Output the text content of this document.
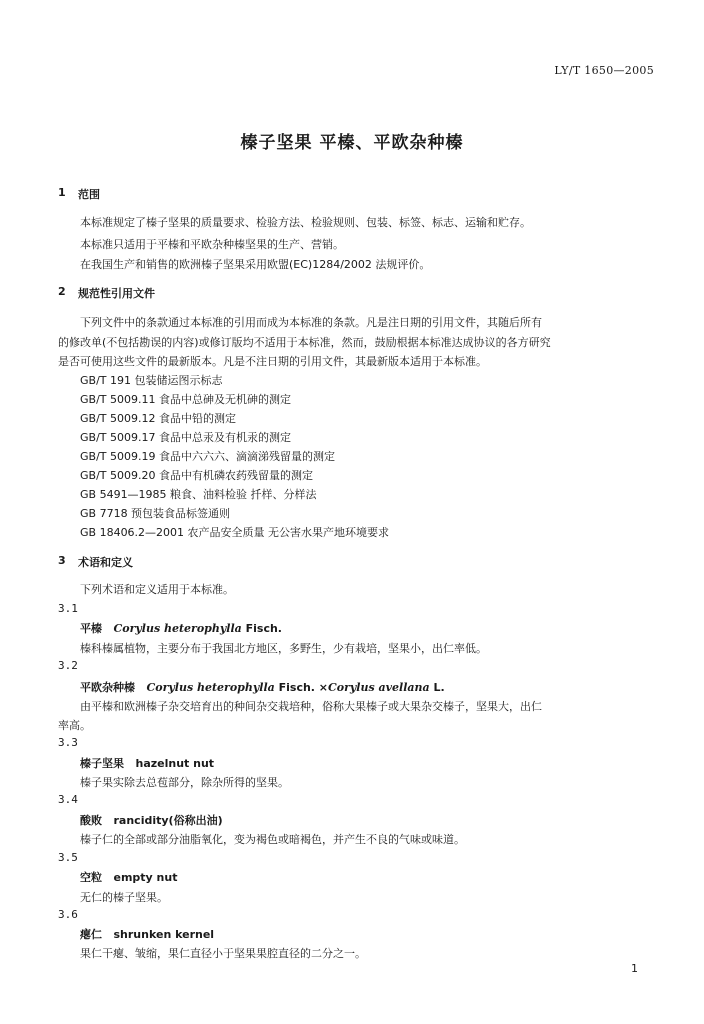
LY/T 1650—2005
榛子坚果 平榛、平欧杂种榛
1 范围
本标准规定了榛子坚果的质量要求、检验方法、检验规则、包装、标签、标志、运输和贮存。
本标准只适用于平榛和平欧杂种榛坚果的生产、营销。
在我国生产和销售的欧洲榛子坚果采用欧盟(EC)1284/2002 法规评价。
2 规范性引用文件
下列文件中的条款通过本标准的引用而成为本标准的条款。凡是注日期的引用文件，其随后所有
的修改单(不包括勘误的内容)或修订版均不适用于本标准，然而，鼓励根据本标准达成协议的各方研究
是否可使用这些文件的最新版本。凡是不注日期的引用文件，其最新版本适用于本标准。
GB/T 191 包装储运图示标志
GB/T 5009.11 食品中总砷及无机砷的测定
GB/T 5009.12 食品中铅的测定
GB/T 5009.17 食品中总汞及有机汞的测定
GB/T 5009.19 食品中六六六、滴滴涕残留量的测定
GB/T 5009.20 食品中有机磷农药残留量的测定
GB 5491—1985 粮食、油料检验 扦样、分样法
GB 7718 预包装食品标签通则
GB 18406.2—2001 农产品安全质量 无公害水果产地环境要求
3 术语和定义
下列术语和定义适用于本标准。
3.1
平榛 Corylus heterophylla Fisch.
榛科榛属植物，主要分布于我国北方地区，多野生，少有栽培，坚果小，出仁率低。
3.2
平欧杂种榛 Corylus heterophylla Fisch. ×Corylus avellana L.
由平榛和欧洲榛子杂交培育出的种间杂交栽培种，俗称大果榛子或大果杂交榛子，坚果大，出仁
率高。
3.3
榛子坚果 hazelnut nut
榛子果实除去总苞部分，除杂所得的坚果。
3.4
酸败 rancidity(俗称出油)
榛子仁的全部或部分油脂氧化，变为褐色或暗褐色，并产生不良的气味或味道。
3.5
空粒 empty nut
无仁的榛子坚果。
3.6
瘪仁 shrunken kernel
果仁干瘪、皱缩，果仁直径小于坚果果腔直径的二分之一。
1
